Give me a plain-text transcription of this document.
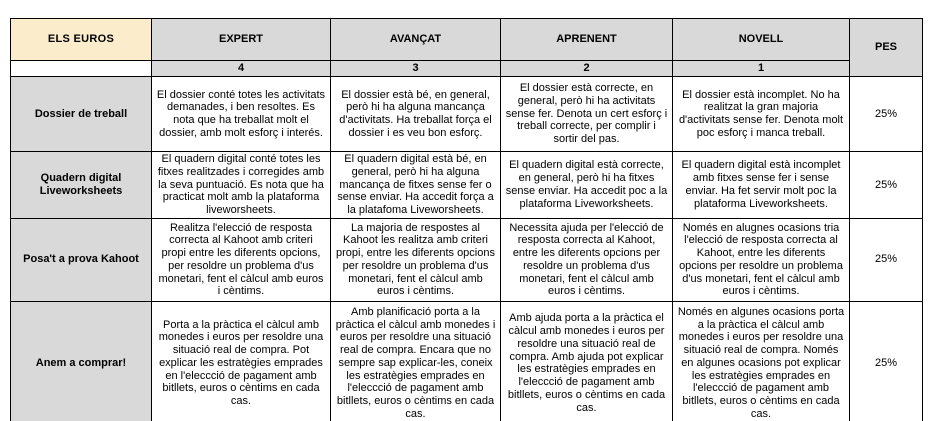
ELS EUROS	EXPERT	AVANÇAT	APRENENT	NOVELL	PES
	4	3	2	1	
Dossier de treball	El dossier conté totes les activitats demanades, i ben resoltes. Es nota que ha treballat molt el dossier, amb molt esforç i interés.	El dossier està bé, en general, però hi ha alguna mancança d'activitats. Ha treballat força el dossier i es veu bon esforç.	El dossier està correcte, en general, però hi ha activitats sense fer. Denota un cert esforç i treball correcte, per complir i sortir del pas.	El dossier està incomplet. No ha realitzat la gran majoria d'activitats sense fer. Denota molt poc esforç i manca treball.	25%
Quadern digital Liveworksheets	El quadern digital conté totes les fitxes realitzades i corregides amb la seva puntuació. Es nota que ha practicat molt amb la plataforma liveworsheets.	El quadern digital està bé, en general, però hi ha alguna mancança de fitxes sense fer o sense enviar. Ha accedit força a la platafoma Liveworsheets.	El quadern digital està correcte, en general, però hi ha fitxes sense enviar. Ha accedit poc a la plataforma Liveworksheets.	El quadern digital està incomplet amb fitxes sense fer i sense enviar. Ha fet servir molt poc la plataforma Liveworksheets.	25%
Posa't a prova Kahoot	Realitza l'elecció de resposta correcta al Kahoot amb criteri propi entre les diferents opcions, per resoldre un problema d'us monetari, fent el càlcul amb euros i cèntims.	La majoria de respostes al Kahoot les realitza amb criteri propi, entre les diferents opcions per resoldre un problema d'us monetari, fent el càlcul amb euros i cèntims.	Necessita ajuda per l'elecció de resposta correcta al Kahoot, entre les diferents opcions per resoldre un problema d'us monetari, fent el càlcul amb euros i cèntims.	Només en alugnes ocasions tria l'elecció de resposta correcta al Kahoot, entre les diferents opcions per resoldre un problema d'us monetari, fent el càlcul amb euros i cèntims.	25%
Anem a comprar!	Porta a la pràctica el càlcul amb monedes i euros per resoldre una situació real de compra. Pot explicar les estratègies emprades en l'eleccció de pagament amb bitllets, euros o cèntims en cada cas.	Amb planificació porta a la pràctica el càlcul amb monedes i euros per resoldre una situació real de compra. Encara que no sempre sap explicar-les, coneix les estratègies emprades en l'eleccció de pagament amb bitllets, euros o cèntims en cada cas.	Amb ajuda porta a la pràctica el càlcul amb monedes i euros per resoldre una situació real de compra. Amb ajuda pot explicar les estratègies emprades en l'eleccció de pagament amb bitllets, euros o cèntims en cada cas.	Només en algunes ocasions porta a la pràctica el càlcul amb monedes i euros per resoldre una situació real de compra. Només en algunes ocasions pot explicar les estratègies emprades en l'eleccció de pagament amb bitllets, euros o cèntims en cada cas.	25%
